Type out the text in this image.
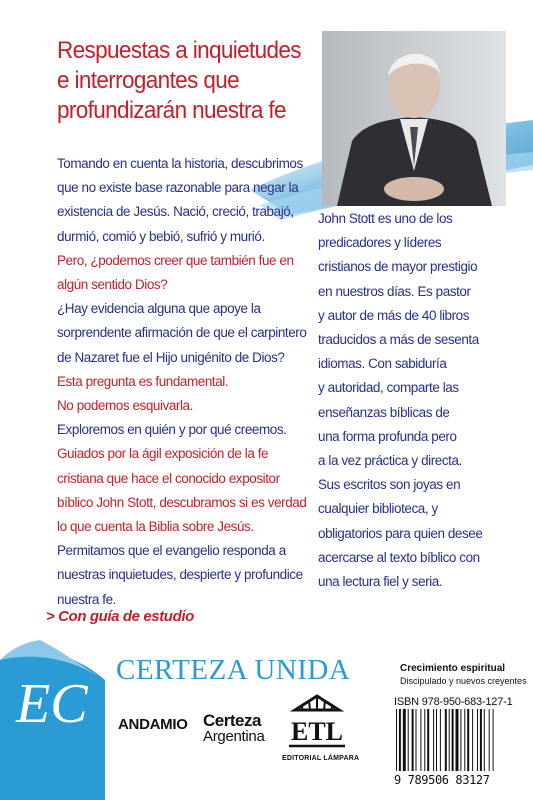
Respuestas a inquietudes
e interrogantes que
profundizarán nuestra fe
Tomando en cuenta la historia, descubrimos
que no existe base razonable para negar la
existencia de Jesús. Nació, creció, trabajó,
durmió, comió y bebió, sufrió y murió.
Pero, ¿podemos creer que también fue en
algún sentido Dios?
¿Hay evidencia alguna que apoye la
sorprendente afirmación de que el carpintero
de Nazaret fue el Hijo unigénito de Dios?
Esta pregunta es fundamental.
No podemos esquivarla.
Exploremos en quién y por qué creemos.
Guiados por la ágil exposición de la fe
cristiana que hace el conocido expositor
bíblico John Stott, descubramos si es verdad
lo que cuenta la Biblia sobre Jesús.
Permitamos que el evangelio responda a
nuestras inquietudes, despierte y profundice
nuestra fe.
> Con guía de estudio
John Stott es uno de los
predicadores y líderes
cristianos de mayor prestigio
en nuestros días. Es pastor
y autor de más de 40 libros
traducidos a más de sesenta
idiomas. Con sabiduría
y autoridad, comparte las
enseñanzas bíblicas de
una forma profunda pero
a la vez práctica y directa.
Sus escritos son joyas en
cualquier biblioteca, y
obligatorios para quien desee
acercarse al texto bíblico con
una lectura fiel y seria.
EC
CERTEZA UNIDA
ANDAMIO Certeza
Argentina ETL
EDITORIAL LÁMPARA
Crecimiento espiritual
Discipulado y nuevos creyentes
ISBN 978-950-683-127-1
9 789506 83127
